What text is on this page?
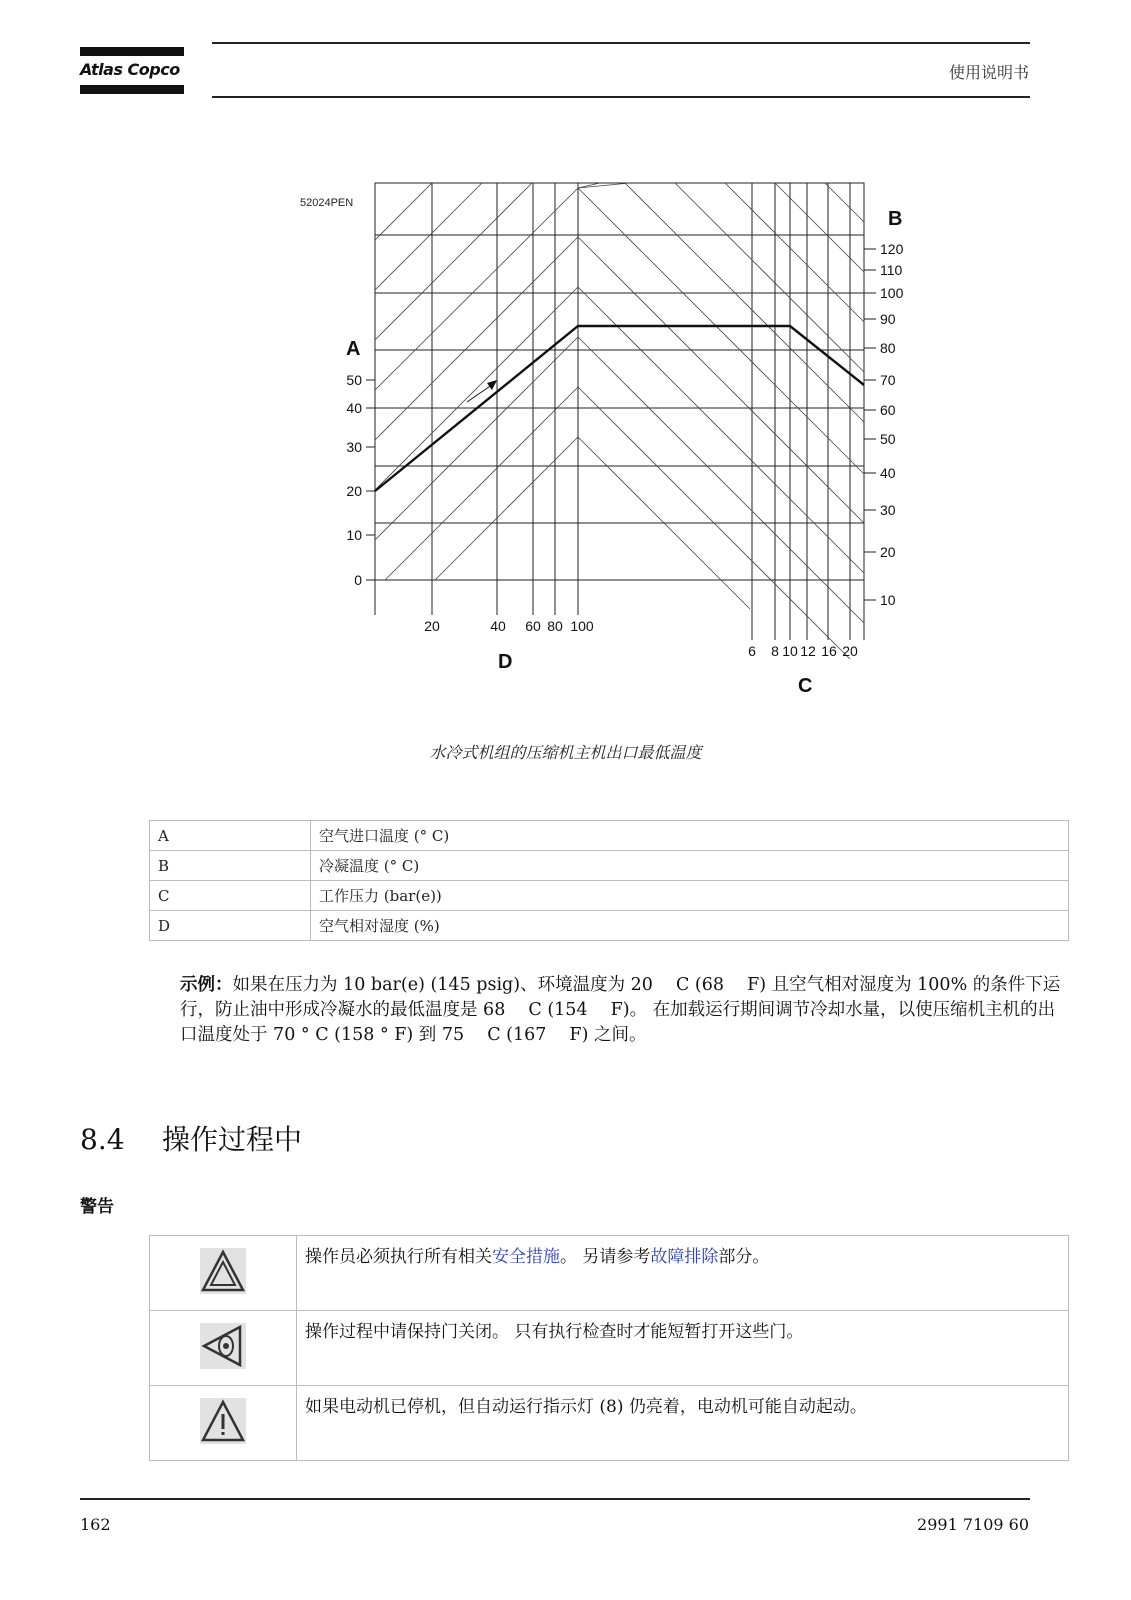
Atlas Copco	使用说明书
52024PEN
A
0
10
20
30
40
50
B
10
20
30
40
50
60
70
80
90
100
110
120
20	40 60 80 100
D	6 8 10 12 16 20
C
水冷式机组的压缩机主机出口最低温度
A	空气进口温度 (° C)
B	冷凝温度 (° C)
C	工作压力 (bar(e))
D	空气相对湿度 (%)
示例：如果在压力为 10 bar(e) (145 psig)、环境温度为 20　 C (68　 F) 且空气相对湿度为 100% 的条件下运行，防止油中形成冷凝水的最低温度是 68　 C (154　 F)。 在加载运行期间调节冷却水量，以使压缩机主机的出口温度处于 70 ° C (158 ° F) 到 75　 C (167　 F) 之间。
8.4 操作过程中
警告
	操作员必须执行所有相关安全措施。 另请参考故障排除部分。
	操作过程中请保持门关闭。 只有执行检查时才能短暂打开这些门。
	如果电动机已停机，但自动运行指示灯 (8) 仍亮着，电动机可能自动起动。
162	2991 7109 60
